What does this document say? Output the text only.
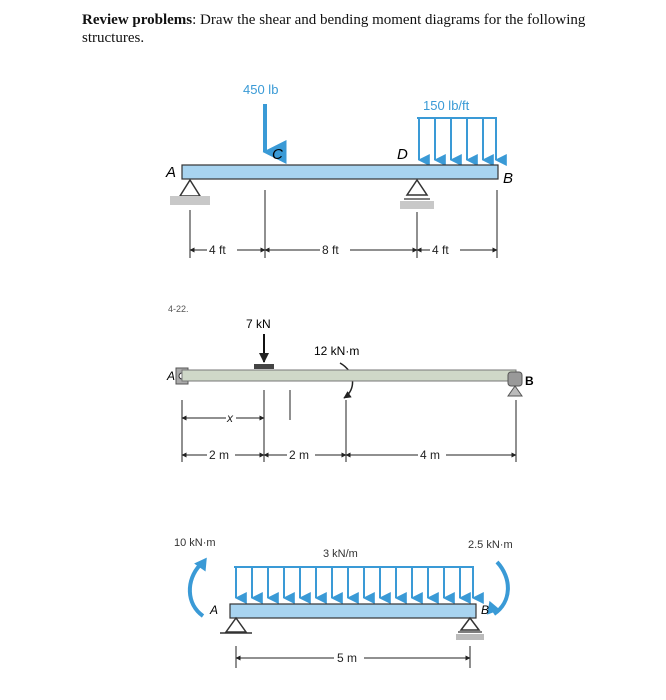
Review problems: Draw the shear and bending moment diagrams for the following structures.
450 lb
C
150 lb/ft
D
A	B
4 ft	8 ft	4 ft
4-22.
7 kN
12 kN·m
A	B
x
2 m	2 m	4 m
10 kN·m
3 kN/m
2.5 kN·m
A	B
5 m
